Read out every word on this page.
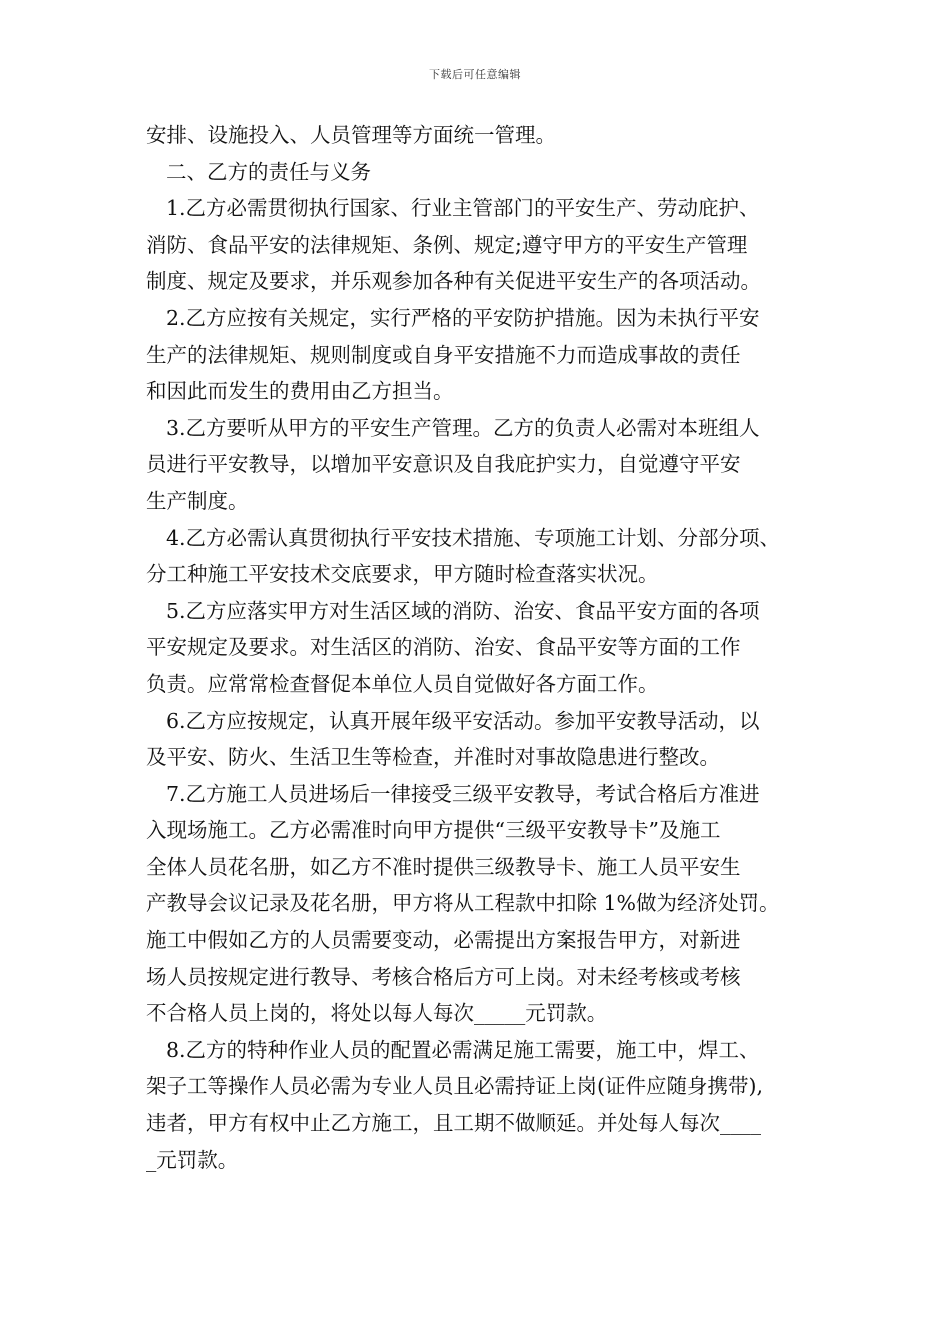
下载后可任意编辑
安排、设施投入、人员管理等方面统一管理。
二、乙方的责任与义务
1.乙方必需贯彻执行国家、行业主管部门的平安生产、劳动庇护、
消防、食品平安的法律规矩、条例、规定;遵守甲方的平安生产管理
制度、规定及要求，并乐观参加各种有关促进平安生产的各项活动。
2.乙方应按有关规定，实行严格的平安防护措施。因为未执行平安
生产的法律规矩、规则制度或自身平安措施不力而造成事故的责任
和因此而发生的费用由乙方担当。
3.乙方要听从甲方的平安生产管理。乙方的负责人必需对本班组人
员进行平安教导，以增加平安意识及自我庇护实力，自觉遵守平安
生产制度。
4.乙方必需认真贯彻执行平安技术措施、专项施工计划、分部分项、
分工种施工平安技术交底要求，甲方随时检查落实状况。
5.乙方应落实甲方对生活区域的消防、治安、食品平安方面的各项
平安规定及要求。对生活区的消防、治安、食品平安等方面的工作
负责。应常常检查督促本单位人员自觉做好各方面工作。
6.乙方应按规定，认真开展年级平安活动。参加平安教导活动，以
及平安、防火、生活卫生等检查，并准时对事故隐患进行整改。
7.乙方施工人员进场后一律接受三级平安教导，考试合格后方准进
入现场施工。乙方必需准时向甲方提供“三级平安教导卡”及施工
全体人员花名册，如乙方不准时提供三级教导卡、施工人员平安生
产教导会议记录及花名册，甲方将从工程款中扣除 1%做为经济处罚。
施工中假如乙方的人员需要变动，必需提出方案报告甲方，对新进
场人员按规定进行教导、考核合格后方可上岗。对未经考核或考核
不合格人员上岗的，将处以每人每次_____元罚款。
8.乙方的特种作业人员的配置必需满足施工需要，施工中，焊工、
架子工等操作人员必需为专业人员且必需持证上岗(证件应随身携带),
违者，甲方有权中止乙方施工，且工期不做顺延。并处每人每次____
_元罚款。
